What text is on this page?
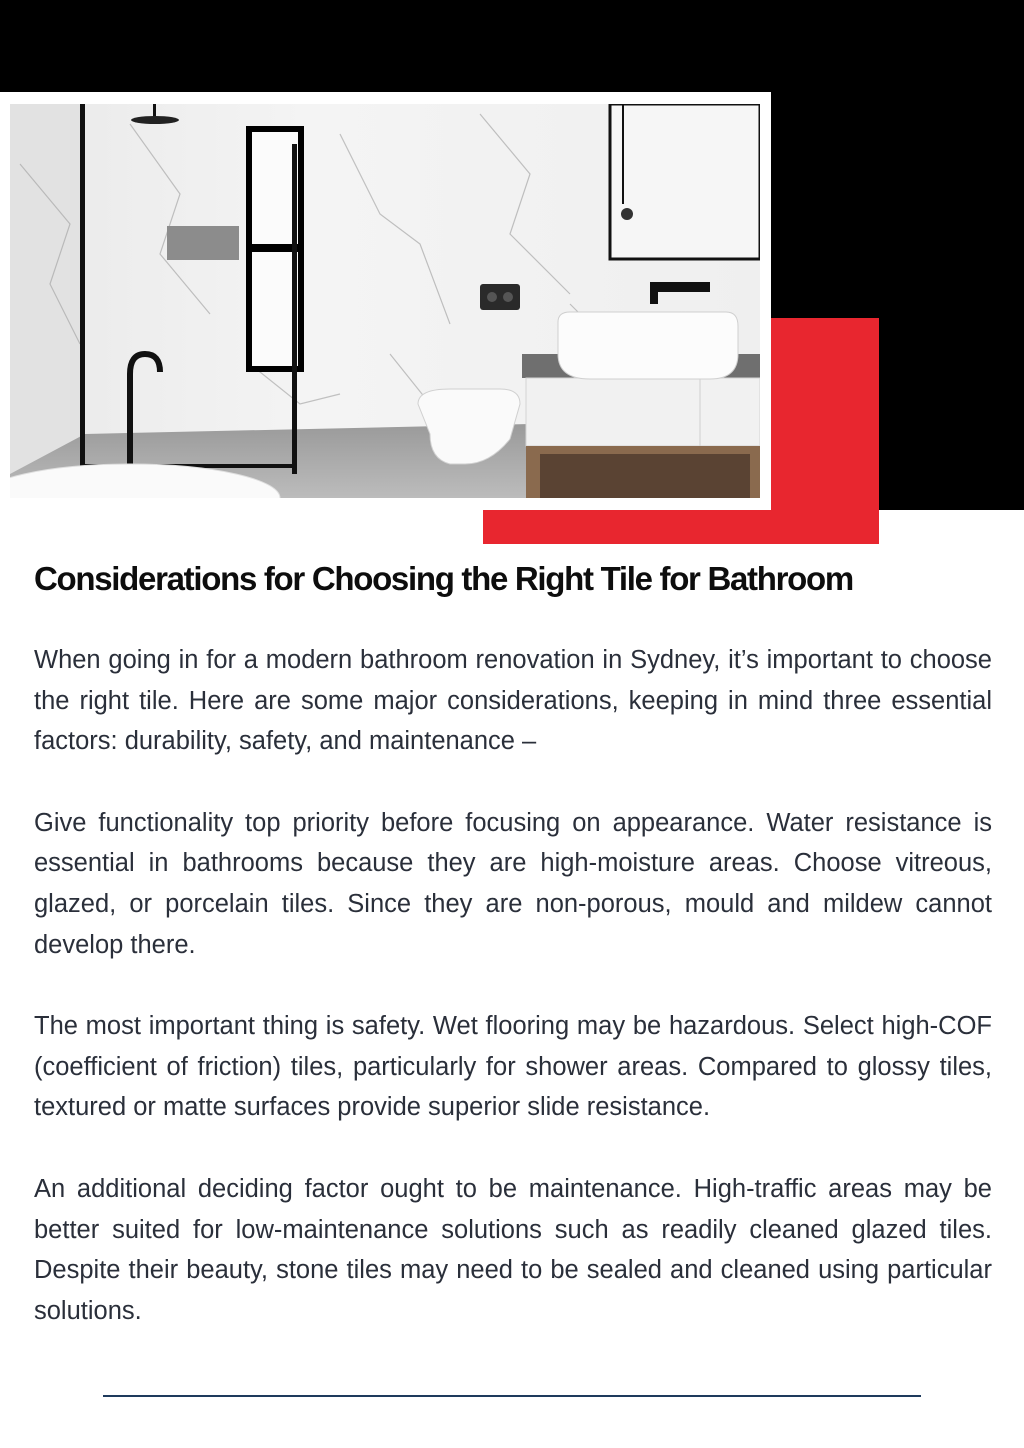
Considerations for Choosing the Right Tile for Bathroom

When going in for a modern bathroom renovation in Sydney, it’s important to choose the right tile. Here are some major considerations, keeping in mind three essential factors: durability, safety, and maintenance –

Give functionality top priority before focusing on appearance. Water resistance is essential in bathrooms because they are high-moisture areas. Choose vitreous, glazed, or porcelain tiles. Since they are non-porous, mould and mildew cannot develop there.

The most important thing is safety. Wet flooring may be hazardous. Select high-COF (coefficient of friction) tiles, particularly for shower areas. Compared to glossy tiles, textured or matte surfaces provide superior slide resistance.

An additional deciding factor ought to be maintenance. High-traffic areas may be better suited for low-maintenance solutions such as readily cleaned glazed tiles. Despite their beauty, stone tiles may need to be sealed and cleaned using particular solutions.
